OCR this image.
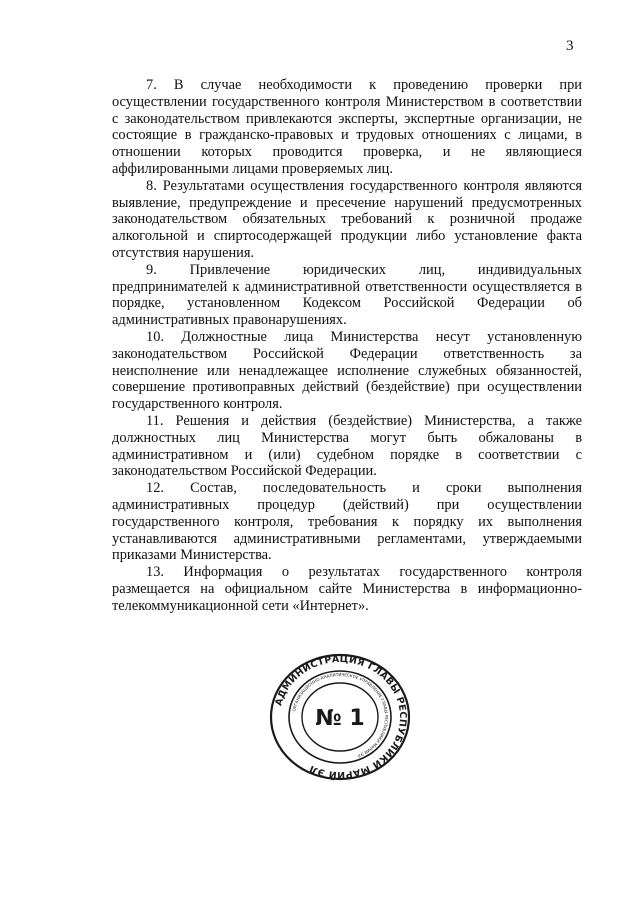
3

7. В случае необходимости к проведению проверки при осуществлении государственного контроля Министерством в соответствии с законодательством привлекаются эксперты, экспертные организации, не состоящие в гражданско-правовых и трудовых отношениях с лицами, в отношении которых проводится проверка, и не являющиеся аффилированными лицами проверяемых лиц.

8. Результатами осуществления государственного контроля являются выявление, предупреждение и пресечение нарушений предусмотренных законодательством обязательных требований к розничной продаже алкогольной и спиртосодержащей продукции либо установление факта отсутствия нарушения.

9. Привлечение юридических лиц, индивидуальных предпринимателей к административной ответственности осуществляется в порядке, установленном Кодексом Российской Федерации об административных правонарушениях.

10. Должностные лица Министерства несут установленную законодательством Российской Федерации ответственность за неисполнение или ненадлежащее исполнение служебных обязанностей, совершение противоправных действий (бездействие) при осуществлении государственного контроля.

11. Решения и действия (бездействие) Министерства, а также должностных лиц Министерства могут быть обжалованы в административном и (или) судебном порядке в соответствии с законодательством Российской Федерации.

12. Состав, последовательность и сроки выполнения административных процедур (действий) при осуществлении государственного контроля, требования к порядку их выполнения устанавливаются административными регламентами, утверждаемыми приказами Министерства.

13. Информация о результатах государственного контроля размещается на официальном сайте Министерства в информационно-телекоммуникационной сети «Интернет».

АДМИНИСТРАЦИЯ ГЛАВЫ РЕСПУБЛИКИ МАРИЙ ЭЛ
ОРГАНИЗАЦИОННО-АНАЛИТИЧЕСКОЕ УПРАВЛЕНИЕ ГЛАВЫ РЕСПУБЛИКИ МАРИЙ ЭЛ
№ 1
